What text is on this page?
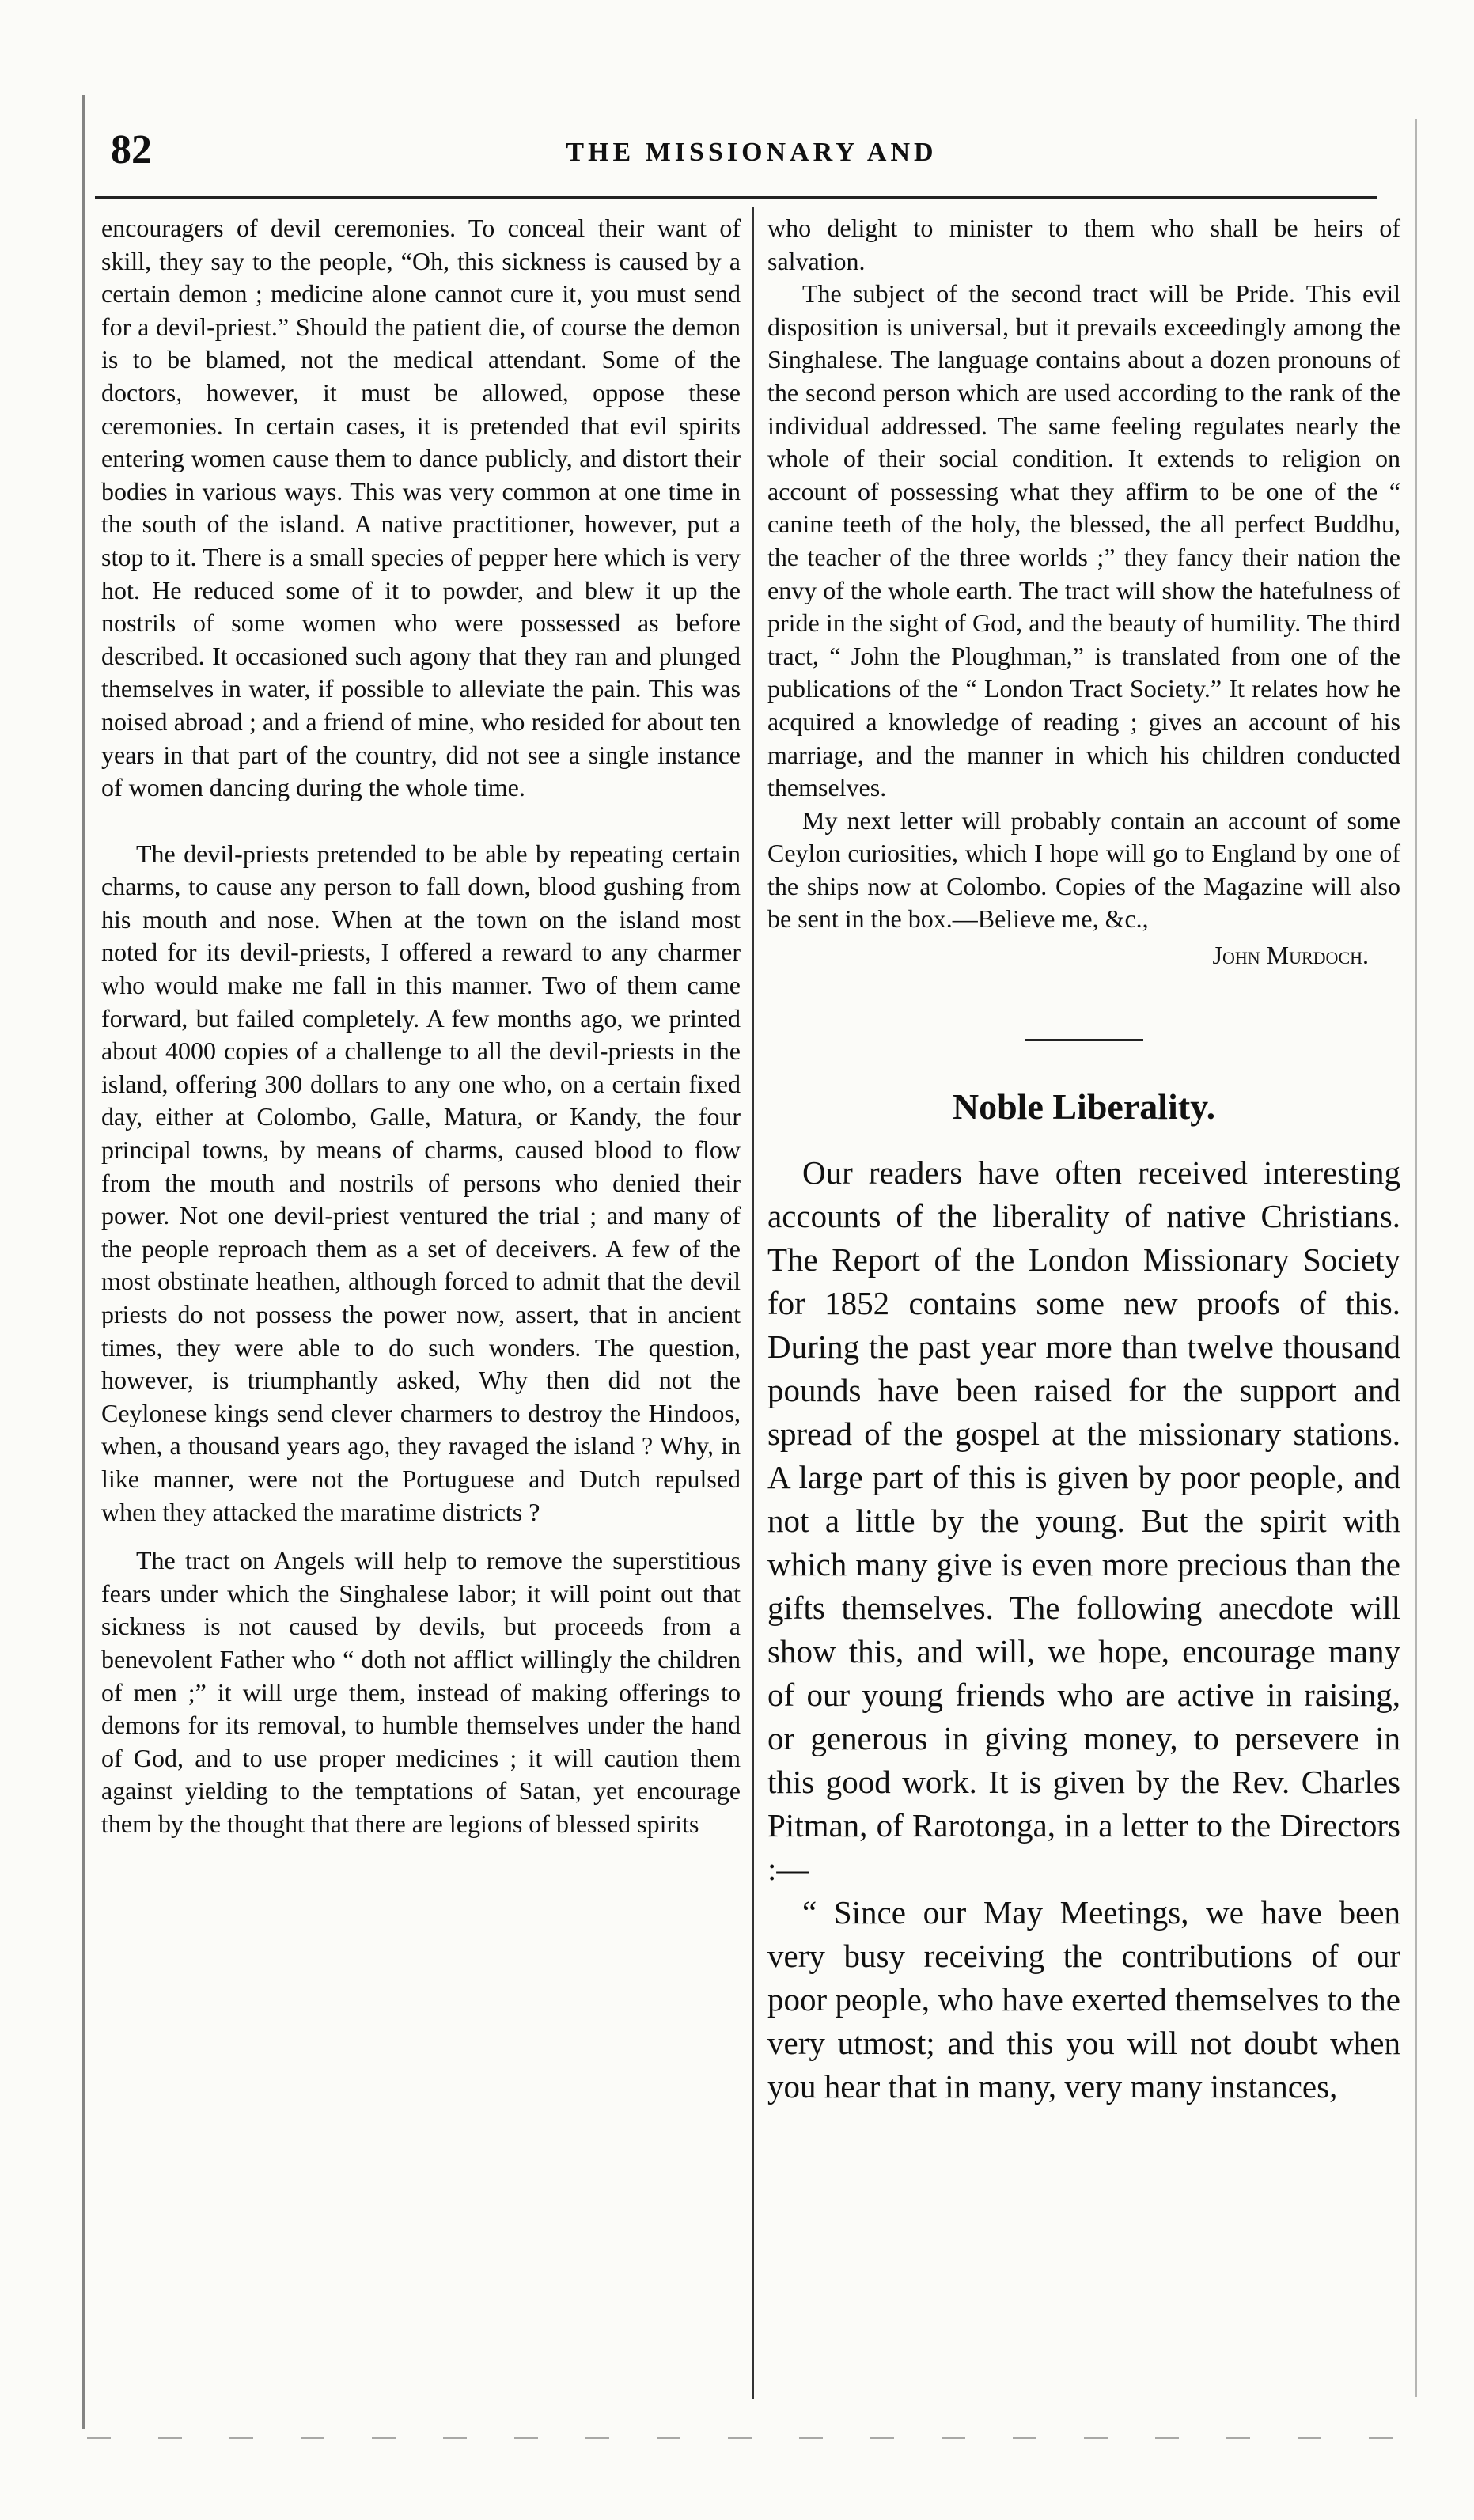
82	THE MISSIONARY AND

encouragers of devil ceremonies. To conceal their want of skill, they say to the people, “Oh, this sickness is caused by a certain demon ; medicine alone cannot cure it, you must send for a devil-priest.” Should the patient die, of course the demon is to be blamed, not the medical attendant. Some of the doctors, however, it must be allowed, oppose these ceremonies. In certain cases, it is pretended that evil spirits entering women cause them to dance publicly, and distort their bodies in various ways. This was very common at one time in the south of the island. A native practitioner, however, put a stop to it. There is a small species of pepper here which is very hot. He reduced some of it to powder, and blew it up the nostrils of some women who were possessed as before described. It occasioned such agony that they ran and plunged themselves in water, if possible to alleviate the pain. This was noised abroad ; and a friend of mine, who resided for about ten years in that part of the country, did not see a single instance of women dancing during the whole time.

The devil-priests pretended to be able by repeating certain charms, to cause any person to fall down, blood gushing from his mouth and nose. When at the town on the island most noted for its devil-priests, I offered a reward to any charmer who would make me fall in this manner. Two of them came forward, but failed completely. A few months ago, we printed about 4000 copies of a challenge to all the devil-priests in the island, offering 300 dollars to any one who, on a certain fixed day, either at Colombo, Galle, Matura, or Kandy, the four principal towns, by means of charms, caused blood to flow from the mouth and nostrils of persons who denied their power. Not one devil-priest ventured the trial ; and many of the people reproach them as a set of deceivers. A few of the most obstinate heathen, although forced to admit that the devil priests do not possess the power now, assert, that in ancient times, they were able to do such wonders. The question, however, is triumphantly asked, Why then did not the Ceylonese kings send clever charmers to destroy the Hindoos, when, a thousand years ago, they ravaged the island ? Why, in like manner, were not the Portuguese and Dutch repulsed when they attacked the maratime districts ?

The tract on Angels will help to remove the superstitious fears under which the Singhalese labor; it will point out that sickness is not caused by devils, but proceeds from a benevolent Father who “ doth not afflict willingly the children of men ;” it will urge them, instead of making offerings to demons for its removal, to humble themselves under the hand of God, and to use proper medicines ; it will caution them against yielding to the temptations of Satan, yet encourage them by the thought that there are legions of blessed spirits

who delight to minister to them who shall be heirs of salvation.

The subject of the second tract will be Pride. This evil disposition is universal, but it prevails exceedingly among the Singhalese. The language contains about a dozen pronouns of the second person which are used according to the rank of the individual addressed. The same feeling regulates nearly the whole of their social condition. It extends to religion on account of possessing what they affirm to be one of the “ canine teeth of the holy, the blessed, the all perfect Buddhu, the teacher of the three worlds ;” they fancy their nation the envy of the whole earth. The tract will show the hatefulness of pride in the sight of God, and the beauty of humility. The third tract, “ John the Ploughman,” is translated from one of the publications of the “ London Tract Society.” It relates how he acquired a knowledge of reading ; gives an account of his marriage, and the manner in which his children conducted themselves.

My next letter will probably contain an account of some Ceylon curiosities, which I hope will go to England by one of the ships now at Colombo. Copies of the Magazine will also be sent in the box.—Believe me, &c.,

John Murdoch.
Noble Liberality.

Our readers have often received interesting accounts of the liberality of native Christians. The Report of the London Missionary Society for 1852 contains some new proofs of this. During the past year more than twelve thousand pounds have been raised for the support and spread of the gospel at the missionary stations. A large part of this is given by poor people, and not a little by the young. But the spirit with which many give is even more precious than the gifts themselves. The following anecdote will show this, and will, we hope, encourage many of our young friends who are active in raising, or generous in giving money, to persevere in this good work. It is given by the Rev. Charles Pitman, of Rarotonga, in a letter to the Directors :—

“ Since our May Meetings, we have been very busy receiving the contributions of our poor people, who have exerted themselves to the very utmost; and this you will not doubt when you hear that in many, very many instances,
